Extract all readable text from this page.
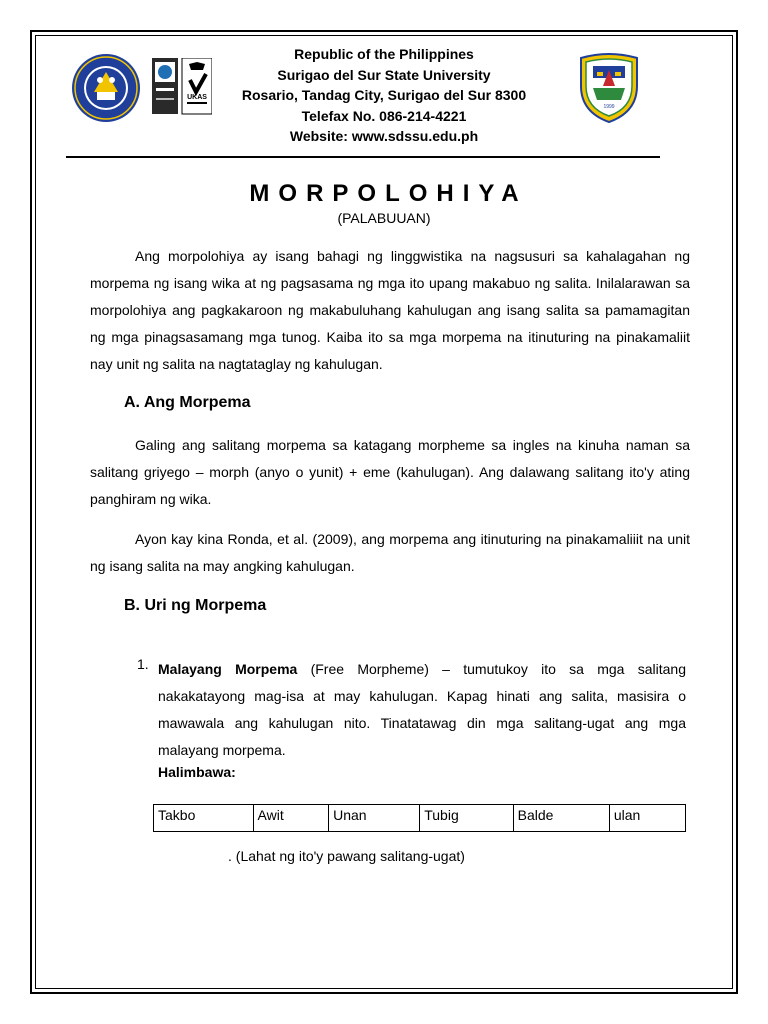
UKAS
1999
Republic of the Philippines
Surigao del Sur State University
Rosario, Tandag City, Surigao del Sur 8300
Telefax No. 086-214-4221
Website: www.sdssu.edu.ph
MORPOLOHIYA
(PALABUUAN)

Ang morpolohiya ay isang bahagi ng linggwistika na nagsusuri sa kahalagahan ng morpema ng isang wika at ng pagsasama ng mga ito upang makabuo ng salita. Inilalarawan sa morpolohiya ang pagkakaroon ng makabuluhang kahulugan ang isang salita sa pamamagitan ng mga pinagsasamang mga tunog. Kaiba ito sa mga morpema na itinuturing na pinakamaliit nay unit ng salita na nagtataglay ng kahulugan.

A. Ang Morpema

Galing ang salitang morpema sa katagang morpheme sa ingles na kinuha naman sa salitang griyego – morph (anyo o yunit) + eme (kahulugan). Ang dalawang salitang ito'y ating panghiram ng wika.

Ayon kay kina Ronda, et al. (2009), ang morpema ang itinuturing na pinakamaliiit na unit ng isang salita na may angking kahulugan.

B. Uri ng Morpema
1. Malayang Morpema (Free Morpheme) – tumutukoy ito sa mga salitang nakakatayong mag-isa at may kahulugan. Kapag hinati ang salita, masisira o mawawala ang kahulugan nito. Tinatatawag din mga salitang-ugat ang mga malayang morpema.

Halimbawa:
Takbo	Awit	Unan	Tubig	Balde	ulan
. (Lahat ng ito'y pawang salitang-ugat)
